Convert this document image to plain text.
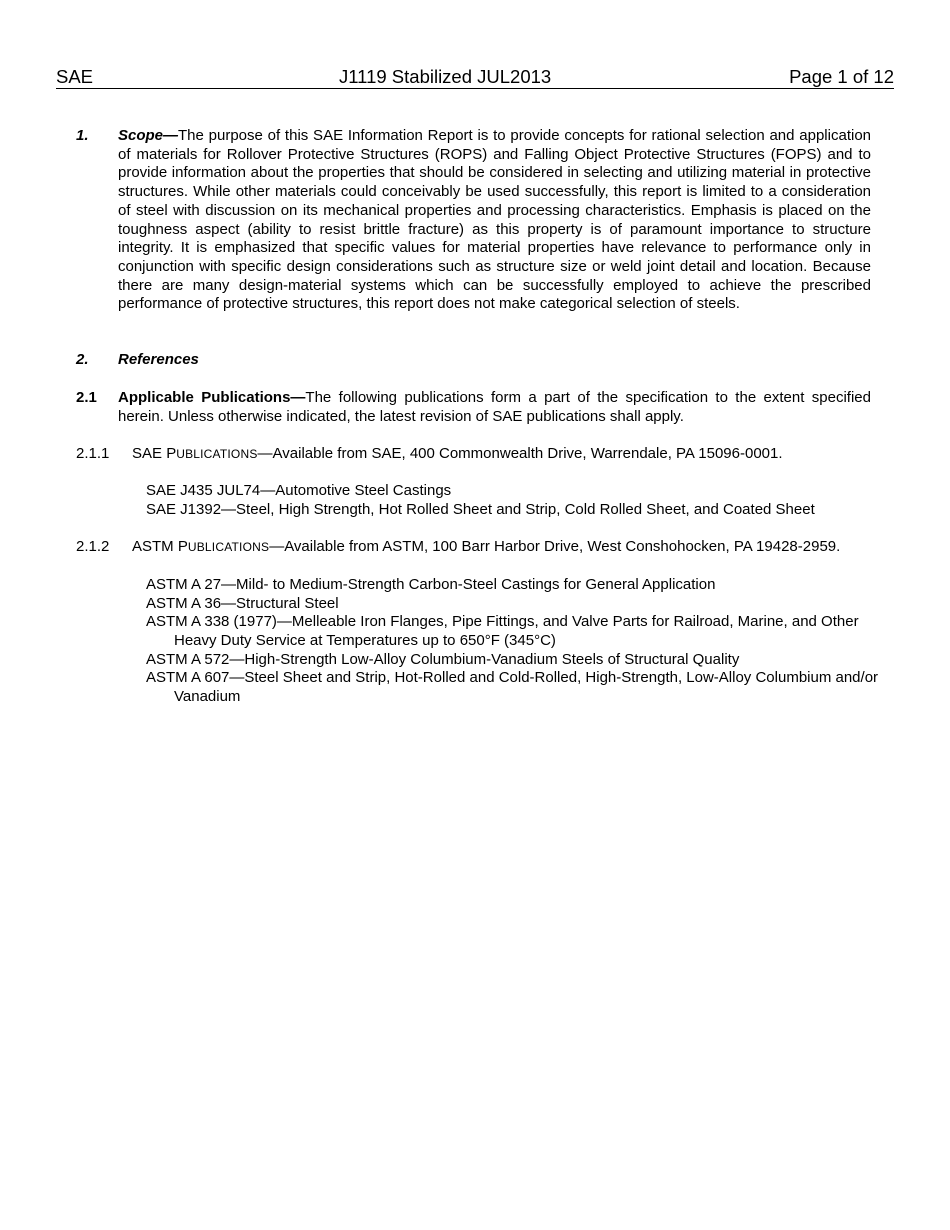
SAE	J1119 Stabilized JUL2013	Page 1 of 12
1. Scope—The purpose of this SAE Information Report is to provide concepts for rational selection and application of materials for Rollover Protective Structures (ROPS) and Falling Object Protective Structures (FOPS) and to provide information about the properties that should be considered in selecting and utilizing material in protective structures. While other materials could conceivably be used successfully, this report is limited to a consideration of steel with discussion on its mechanical properties and processing characteristics. Emphasis is placed on the toughness aspect (ability to resist brittle fracture) as this property is of paramount importance to structure integrity. It is emphasized that specific values for material properties have relevance to performance only in conjunction with specific design considerations such as structure size or weld joint detail and location. Because there are many design-material systems which can be successfully employed to achieve the prescribed performance of protective structures, this report does not make categorical selection of steels.
2. References
2.1 Applicable Publications—The following publications form a part of the specification to the extent specified herein. Unless otherwise indicated, the latest revision of SAE publications shall apply.
2.1.1 SAE PUBLICATIONS—Available from SAE, 400 Commonwealth Drive, Warrendale, PA 15096-0001.
SAE J435 JUL74—Automotive Steel Castings
SAE J1392—Steel, High Strength, Hot Rolled Sheet and Strip, Cold Rolled Sheet, and Coated Sheet
2.1.2 ASTM PUBLICATIONS—Available from ASTM, 100 Barr Harbor Drive, West Conshohocken, PA 19428-2959.
ASTM A 27—Mild- to Medium-Strength Carbon-Steel Castings for General Application
ASTM A 36—Structural Steel
ASTM A 338 (1977)—Melleable Iron Flanges, Pipe Fittings, and Valve Parts for Railroad, Marine, and Other Heavy Duty Service at Temperatures up to 650°F (345°C)
ASTM A 572—High-Strength Low-Alloy Columbium-Vanadium Steels of Structural Quality
ASTM A 607—Steel Sheet and Strip, Hot-Rolled and Cold-Rolled, High-Strength, Low-Alloy Columbium and/or Vanadium
